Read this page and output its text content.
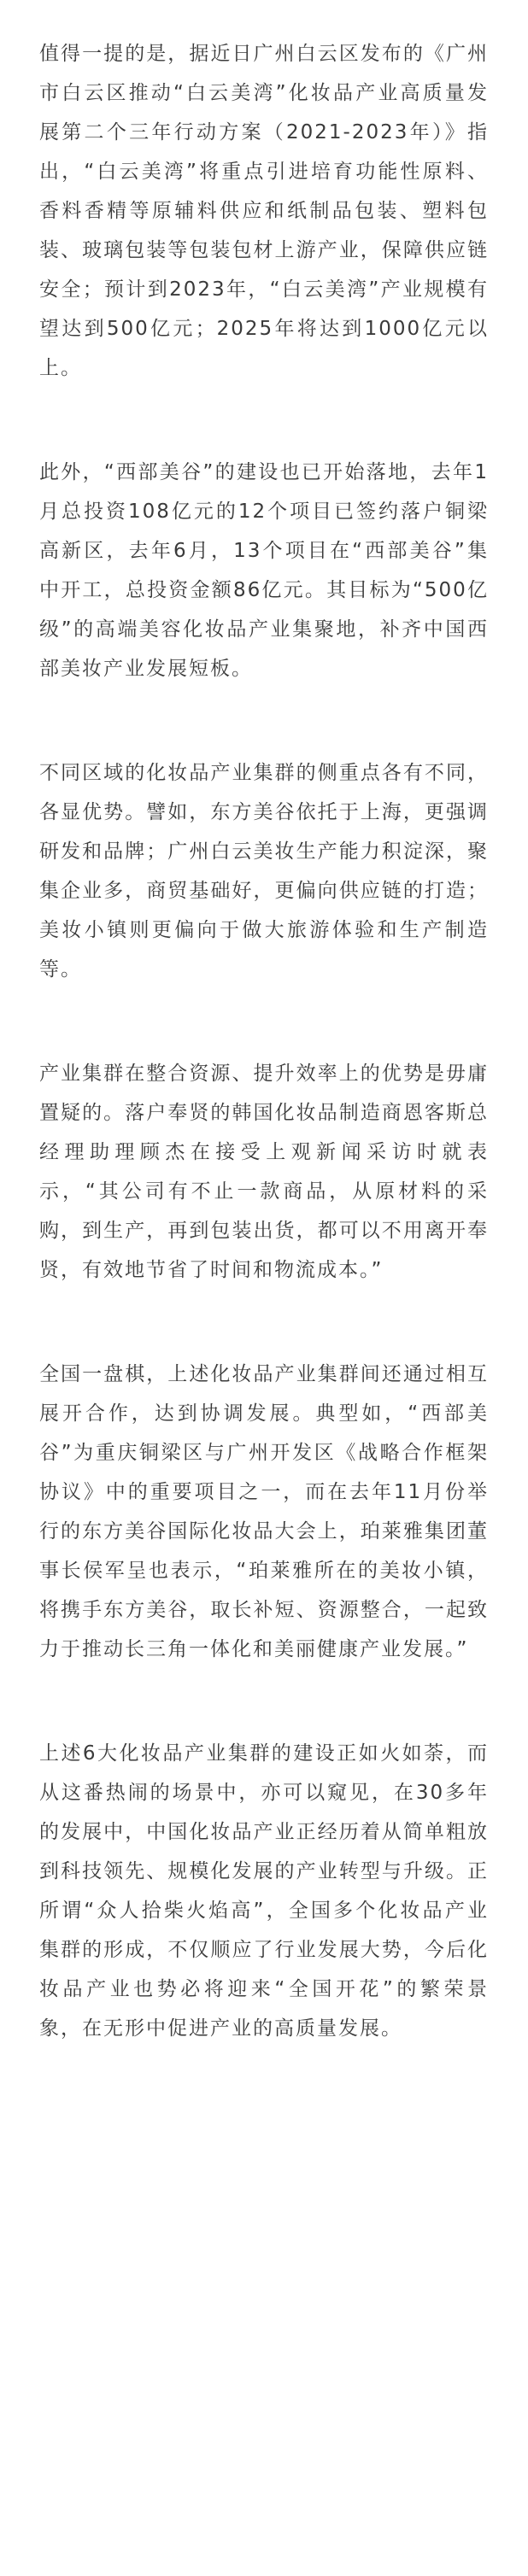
值得一提的是，据近日广州白云区发布的《广州市白云区推动“白云美湾”化妆品产业高质量发展第二个三年行动方案（2021-2023年）》指出，“白云美湾”将重点引进培育功能性原料、香料香精等原辅料供应和纸制品包装、塑料包装、玻璃包装等包装包材上游产业，保障供应链安全；预计到2023年，“白云美湾”产业规模有望达到500亿元；2025年将达到1000亿元以上。

此外，“西部美谷”的建设也已开始落地，去年1月总投资108亿元的12个项目已签约落户铜梁高新区，去年6月，13个项目在“西部美谷”集中开工，总投资金额86亿元。其目标为“500亿级”的高端美容化妆品产业集聚地，补齐中国西部美妆产业发展短板。

不同区域的化妆品产业集群的侧重点各有不同，各显优势。譬如，东方美谷依托于上海，更强调研发和品牌；广州白云美妆生产能力积淀深，聚集企业多，商贸基础好，更偏向供应链的打造；美妆小镇则更偏向于做大旅游体验和生产制造等。

产业集群在整合资源、提升效率上的优势是毋庸置疑的。落户奉贤的韩国化妆品制造商恩客斯总经理助理顾杰在接受上观新闻采访时就表示，“其公司有不止一款商品，从原材料的采购，到生产，再到包装出货，都可以不用离开奉贤，有效地节省了时间和物流成本。”

全国一盘棋，上述化妆品产业集群间还通过相互展开合作，达到协调发展。典型如，“西部美谷”为重庆铜梁区与广州开发区《战略合作框架协议》中的重要项目之一，而在去年11月份举行的东方美谷国际化妆品大会上，珀莱雅集团董事长侯军呈也表示，“珀莱雅所在的美妆小镇，将携手东方美谷，取长补短、资源整合，一起致力于推动长三角一体化和美丽健康产业发展。”

上述6大化妆品产业集群的建设正如火如荼，而从这番热闹的场景中，亦可以窥见，在30多年的发展中，中国化妆品产业正经历着从简单粗放到科技领先、规模化发展的产业转型与升级。正所谓“众人拾柴火焰高”，全国多个化妆品产业集群的形成，不仅顺应了行业发展大势，今后化妆品产业也势必将迎来“全国开花”的繁荣景象，在无形中促进产业的高质量发展。
